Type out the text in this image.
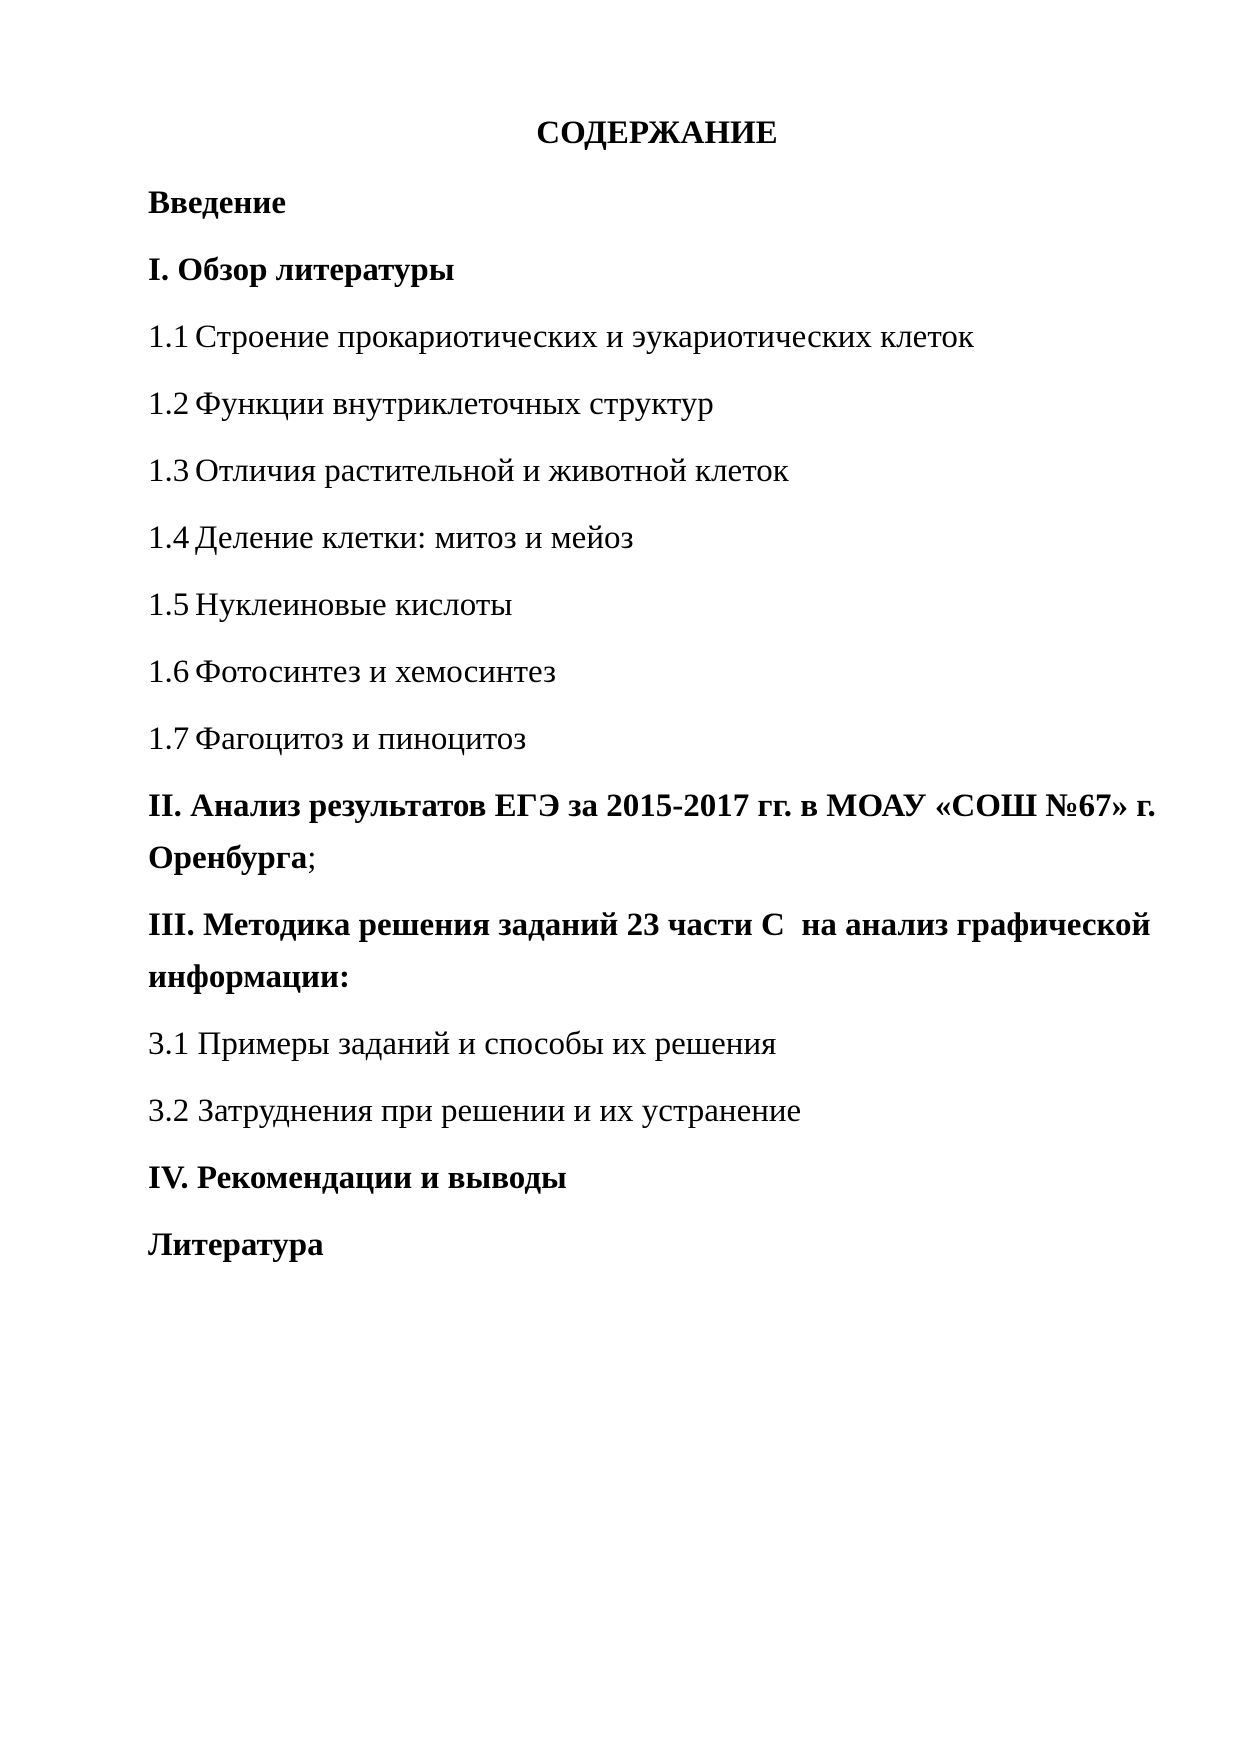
СОДЕРЖАНИЕ
Введение
I. Обзор литературы
1.1 Строение прокариотических и эукариотических клеток
1.2 Функции внутриклеточных структур
1.3 Отличия растительной и животной клеток
1.4 Деление клетки: митоз и мейоз
1.5 Нуклеиновые кислоты
1.6 Фотосинтез и хемосинтез
1.7 Фагоцитоз и пиноцитоз
II. Анализ результатов ЕГЭ за 2015-2017 гг. в МОАУ «СОШ №67» г.
Оренбурга;
III. Методика решения заданий 23 части С  на анализ графической
информации:
3.1 Примеры заданий и способы их решения
3.2 Затруднения при решении и их устранение
IV. Рекомендации и выводы
Литература
